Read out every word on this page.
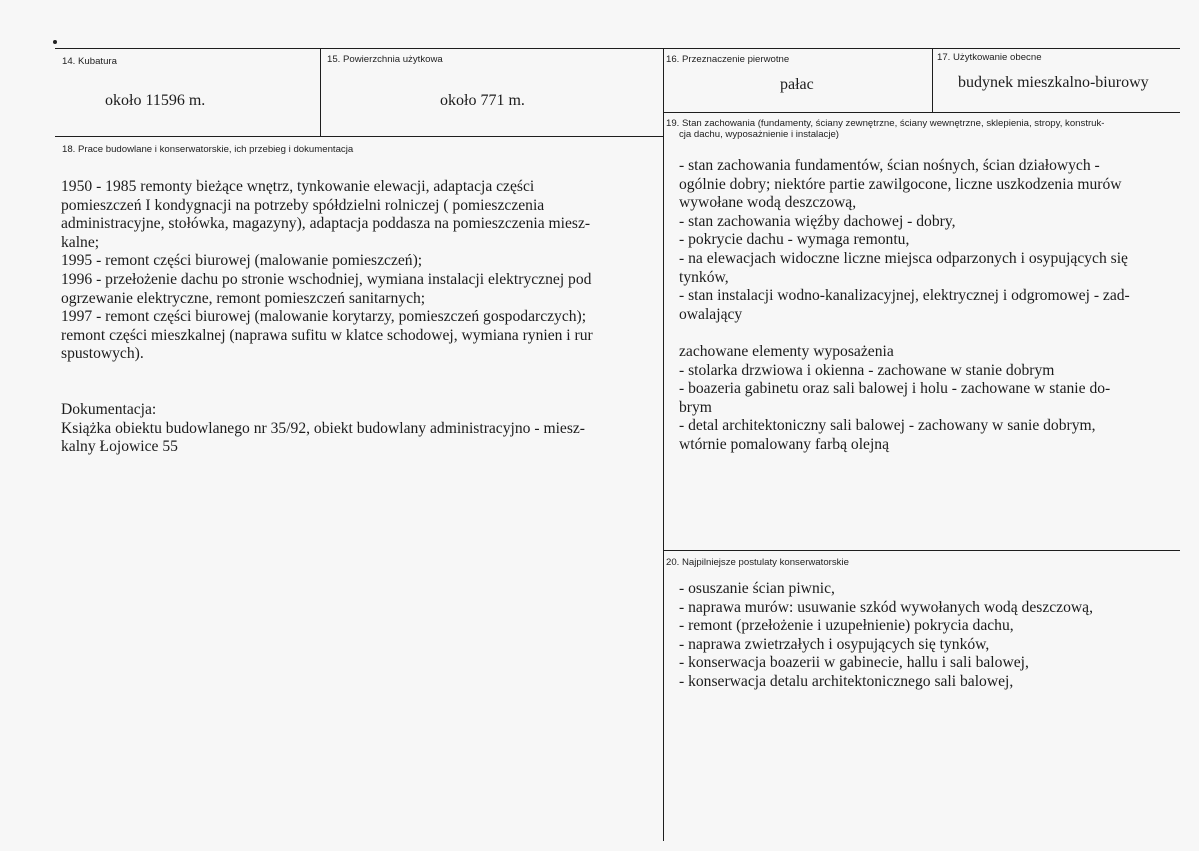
14. Kubatura
około 11596 m.
15. Powierzchnia użytkowa
około 771 m.
16. Przeznaczenie pierwotne
pałac
17. Użytkowanie obecne
budynek mieszkalno-biurowy
18. Prace budowlane i konserwatorskie, ich przebieg i dokumentacja
1950 - 1985 remonty bieżące wnętrz, tynkowanie elewacji, adaptacja części
pomieszczeń I kondygnacji na potrzeby spółdzielni rolniczej ( pomieszczenia
administracyjne, stołówka, magazyny), adaptacja poddasza na pomieszczenia miesz-
kalne;
1995 - remont części biurowej (malowanie pomieszczeń);
1996 - przełożenie dachu po stronie wschodniej, wymiana instalacji elektrycznej pod
ogrzewanie elektryczne, remont pomieszczeń sanitarnych;
1997 - remont części biurowej (malowanie korytarzy, pomieszczeń gospodarczych);
remont części mieszkalnej (naprawa sufitu w klatce schodowej, wymiana rynien i rur
spustowych).
Dokumentacja:
Książka obiektu budowlanego nr 35/92, obiekt budowlany administracyjno - miesz-
kalny Łojowice 55
19. Stan zachowania (fundamenty, ściany zewnętrzne, ściany wewnętrzne, sklepienia, stropy, konstruk-
cja dachu, wyposażnienie i instalacje)
- stan zachowania fundamentów, ścian nośnych, ścian działowych -
ogólnie dobry; niektóre partie zawilgocone, liczne uszkodzenia murów
wywołane wodą deszczową,
- stan zachowania więźby dachowej - dobry,
- pokrycie dachu - wymaga remontu,
- na elewacjach widoczne liczne miejsca odparzonych i osypujących się
tynków,
- stan instalacji wodno-kanalizacyjnej, elektrycznej i odgromowej - zad-
owalający
zachowane elementy wyposażenia
- stolarka drzwiowa i okienna - zachowane w stanie dobrym
- boazeria gabinetu oraz sali balowej i holu - zachowane w stanie do-
brym
- detal architektoniczny sali balowej - zachowany w sanie dobrym,
wtórnie pomalowany farbą olejną
20. Najpilniejsze postulaty konserwatorskie
- osuszanie ścian piwnic,
- naprawa murów: usuwanie szkód wywołanych wodą deszczową,
- remont (przełożenie i uzupełnienie) pokrycia dachu,
- naprawa zwietrzałych i osypujących się tynków,
- konserwacja boazerii w gabinecie, hallu i sali balowej,
- konserwacja detalu architektonicznego sali balowej,
